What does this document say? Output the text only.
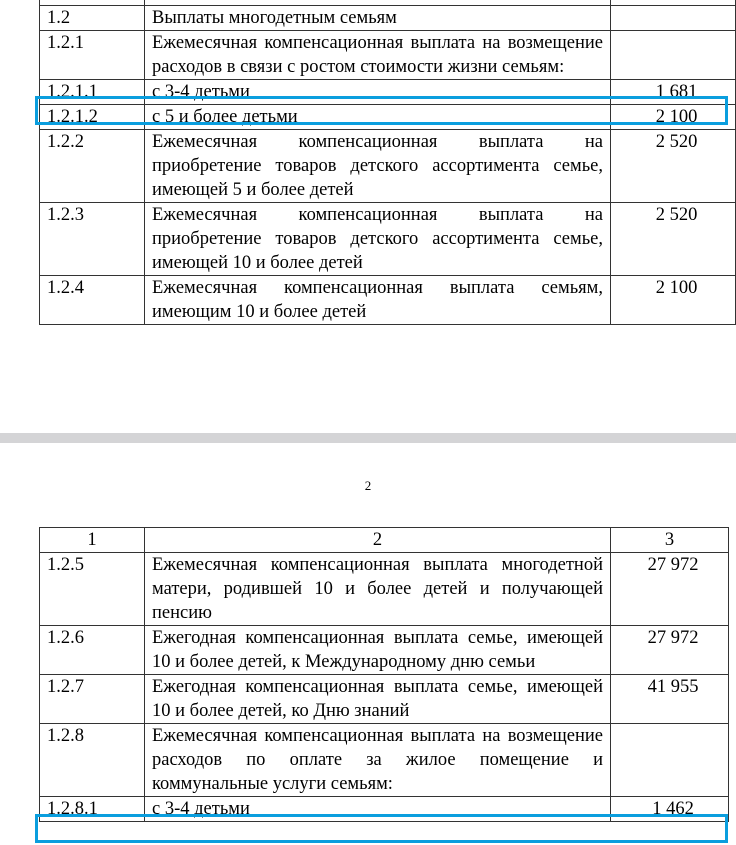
1.2	Выплаты многодетным семьям	
1.2.1	Ежемесячная компенсационная выплата на возмещение расходов в связи с ростом стоимости жизни семьям:	
1.2.1.1	с 3-4 детьми	1 681
1.2.1.2	с 5 и более детьми	2 100
1.2.2	Ежемесячная компенсационная выплата на приобретение товаров детского ассортимента семье, имеющей 5 и более детей	2 520
1.2.3	Ежемесячная компенсационная выплата на приобретение товаров детского ассортимента семье, имеющей 10 и более детей	2 520
1.2.4	Ежемесячная компенсационная выплата семьям, имеющим 10 и более детей	2 100
2
1	2	3
1.2.5	Ежемесячная компенсационная выплата многодетной матери, родившей 10 и более детей и получающей пенсию	27 972
1.2.6	Ежегодная компенсационная выплата семье, имеющей 10 и более детей, к Международному дню семьи	27 972
1.2.7	Ежегодная компенсационная выплата семье, имеющей 10 и более детей, ко Дню знаний	41 955
1.2.8	Ежемесячная компенсационная выплата на возмещение расходов по оплате за жилое помещение и коммунальные услуги семьям:	
1.2.8.1	с 3-4 детьми	1 462
